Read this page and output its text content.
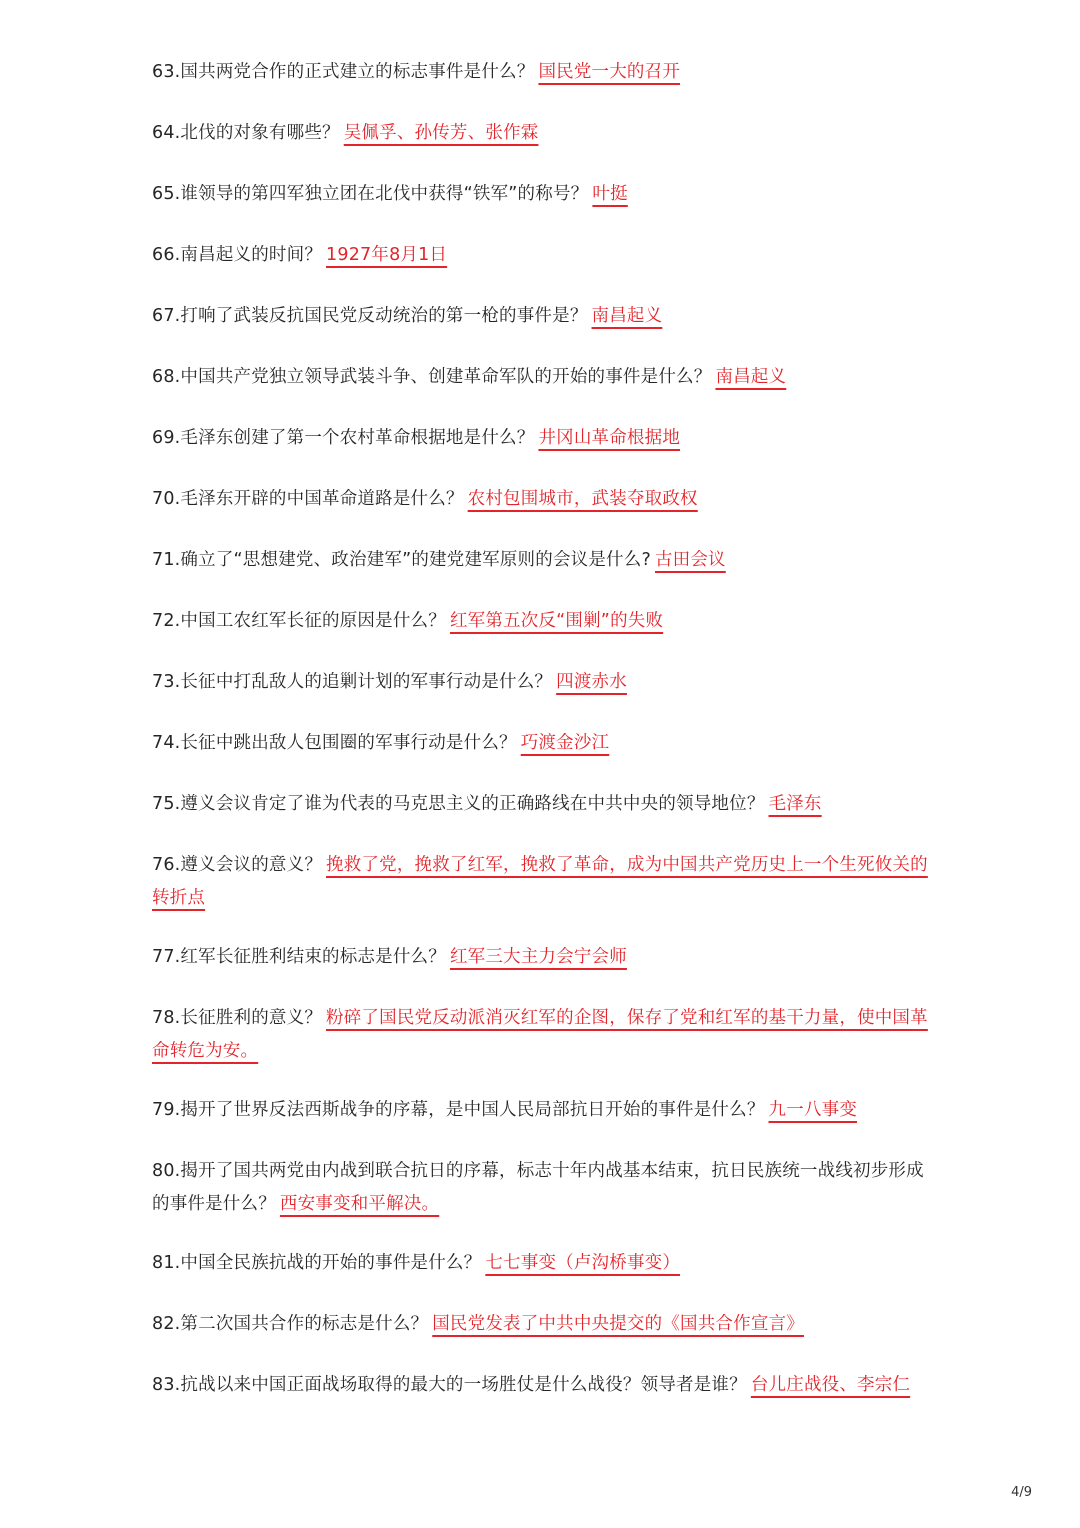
63.国共两党合作的正式建立的标志事件是什么？ 国民党一大的召开

64.北伐的对象有哪些？ 吴佩孚、孙传芳、张作霖

65.谁领导的第四军独立团在北伐中获得“铁军”的称号？ 叶挺

66.南昌起义的时间？ 1927年8月1日

67.打响了武装反抗国民党反动统治的第一枪的事件是？ 南昌起义

68.中国共产党独立领导武装斗争、创建革命军队的开始的事件是什么？ 南昌起义

69.毛泽东创建了第一个农村革命根据地是什么？ 井冈山革命根据地

70.毛泽东开辟的中国革命道路是什么？ 农村包围城市，武装夺取政权

71.确立了“思想建党、政治建军”的建党建军原则的会议是什么? 古田会议

72.中国工农红军长征的原因是什么？ 红军第五次反“围剿”的失败

73.长征中打乱敌人的追剿计划的军事行动是什么？ 四渡赤水

74.长征中跳出敌人包围圈的军事行动是什么？ 巧渡金沙江

75.遵义会议肯定了谁为代表的马克思主义的正确路线在中共中央的领导地位？ 毛泽东

76.遵义会议的意义？ 挽救了党，挽救了红军，挽救了革命，成为中国共产党历史上一个生死攸关的转折点

77.红军长征胜利结束的标志是什么？ 红军三大主力会宁会师

78.长征胜利的意义？ 粉碎了国民党反动派消灭红军的企图，保存了党和红军的基干力量，使中国革命转危为安。

79.揭开了世界反法西斯战争的序幕，是中国人民局部抗日开始的事件是什么？ 九一八事变

80.揭开了国共两党由内战到联合抗日的序幕，标志十年内战基本结束，抗日民族统一战线初步形成的事件是什么？ 西安事变和平解决。

81.中国全民族抗战的开始的事件是什么？ 七七事变（卢沟桥事变）

82.第二次国共合作的标志是什么？ 国民党发表了中共中央提交的《国共合作宣言》

83.抗战以来中国正面战场取得的最大的一场胜仗是什么战役？领导者是谁？ 台儿庄战役、李宗仁

4/9
